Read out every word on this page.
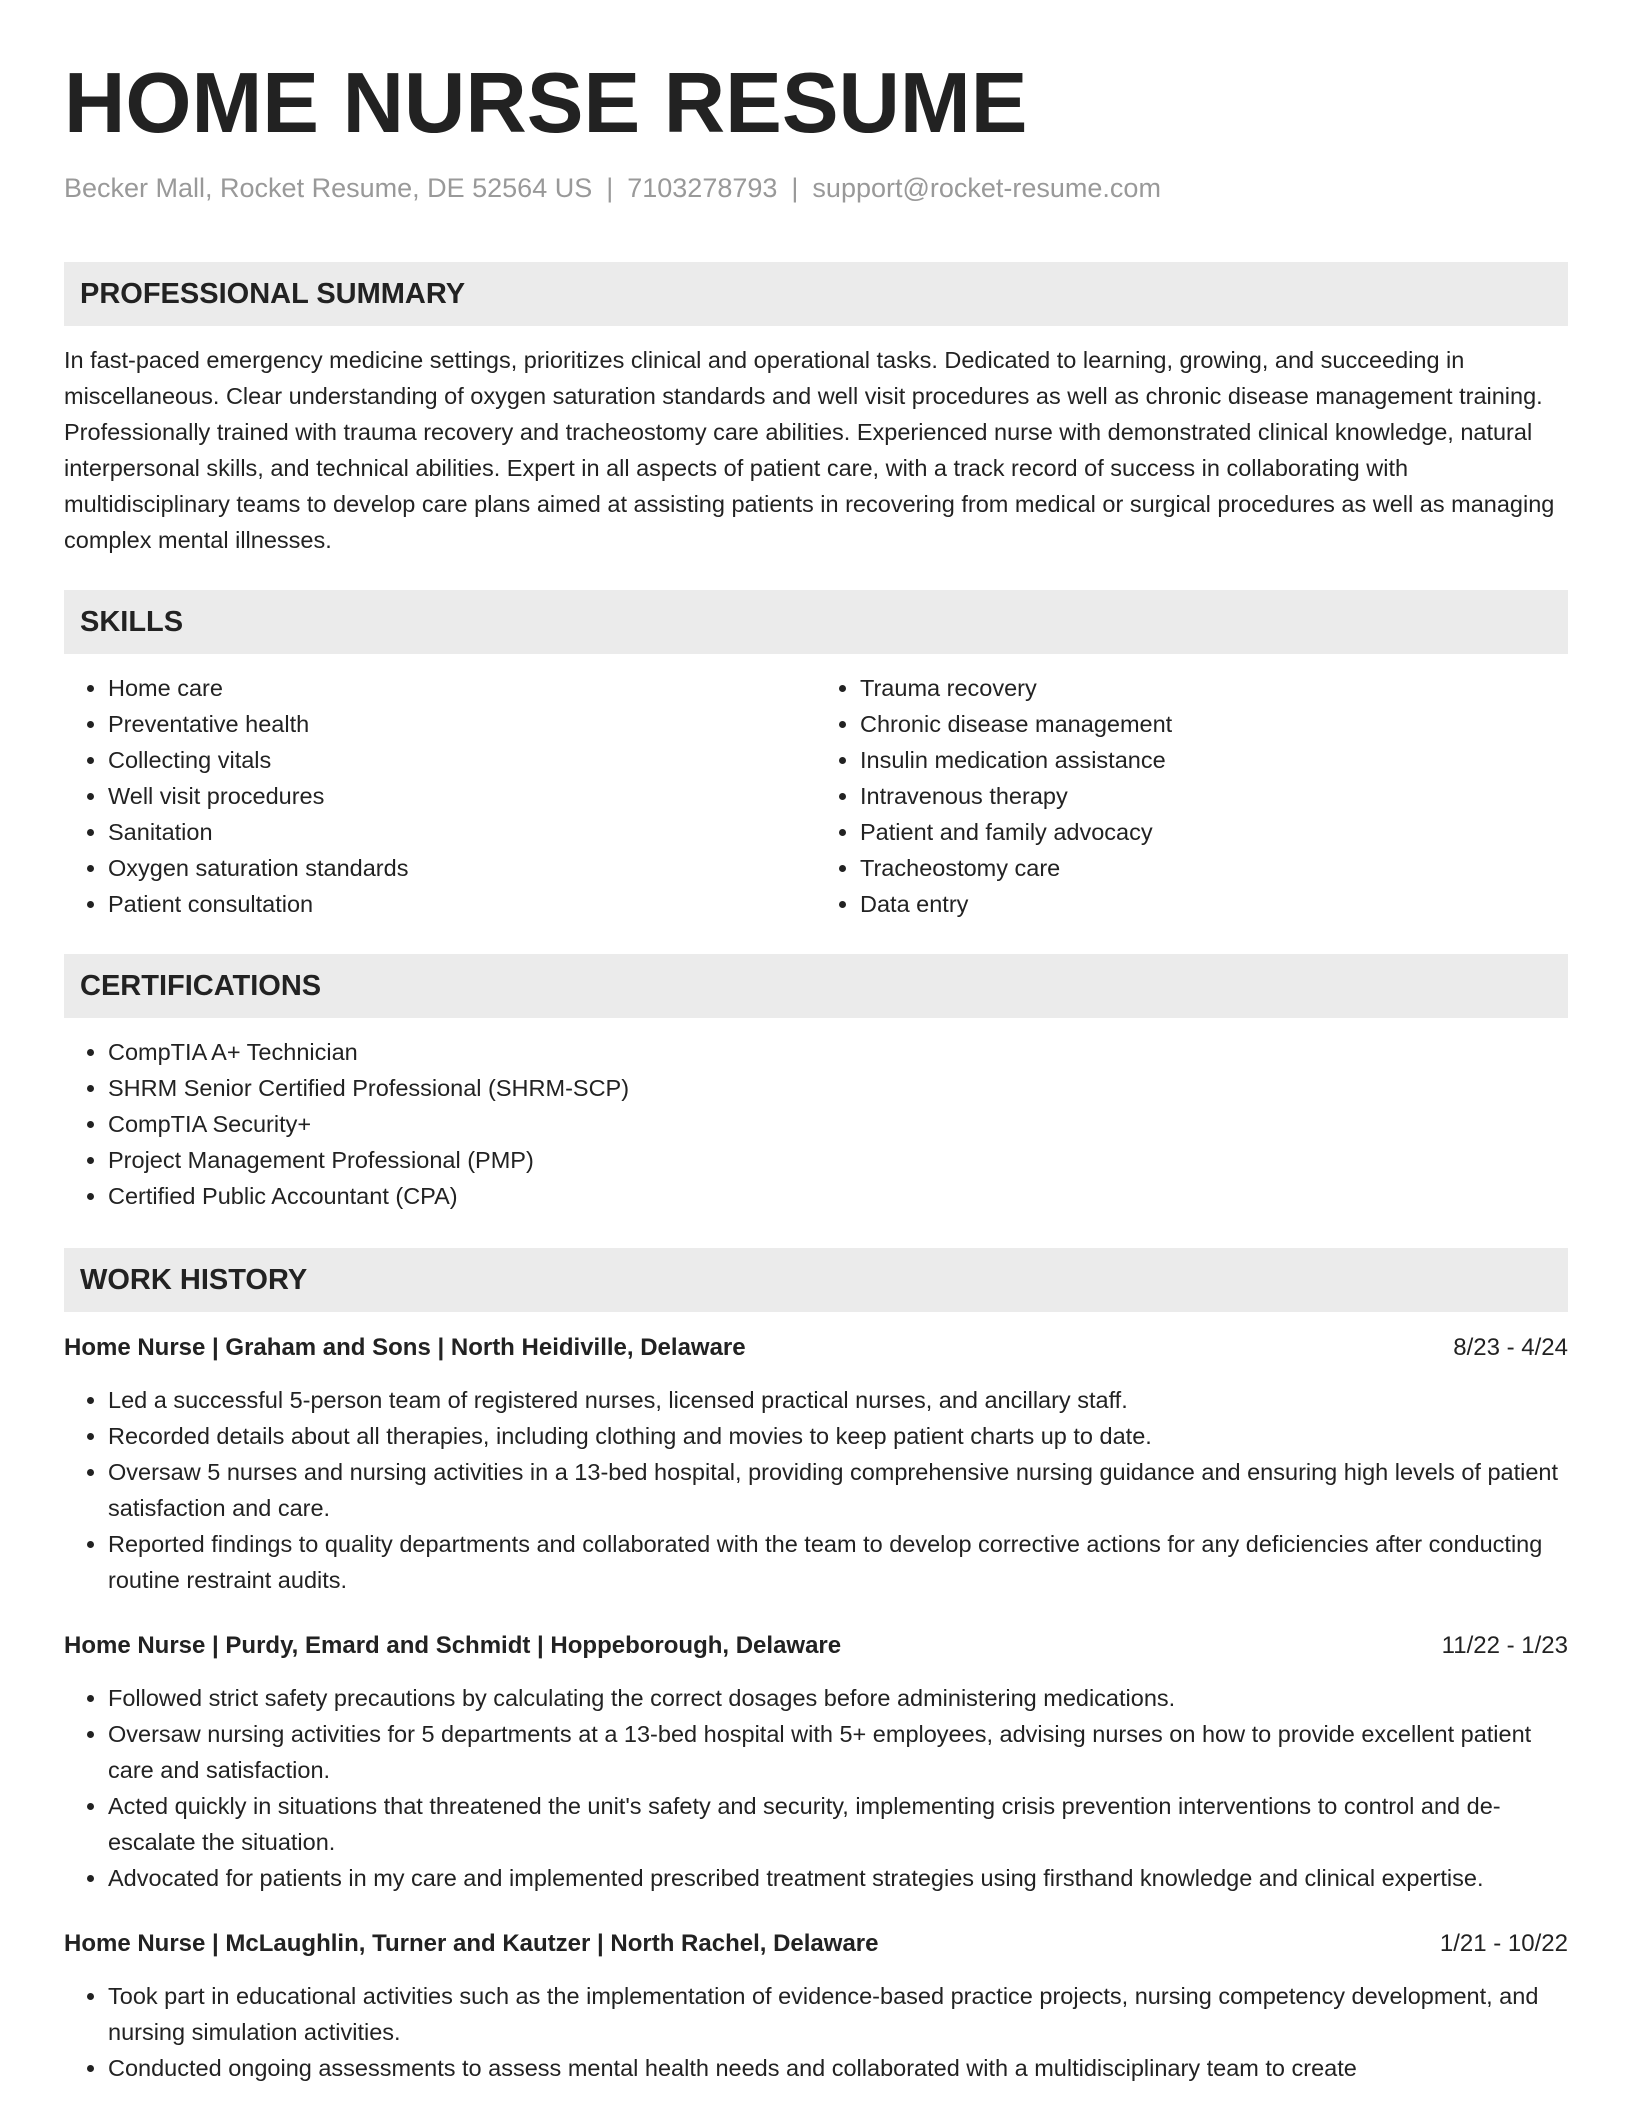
HOME NURSE RESUME
Becker Mall, Rocket Resume, DE 52564 US | 7103278793 | support@rocket-resume.com
PROFESSIONAL SUMMARY

In fast-paced emergency medicine settings, prioritizes clinical and operational tasks. Dedicated to learning, growing, and succeeding in miscellaneous. Clear understanding of oxygen saturation standards and well visit procedures as well as chronic disease management training. Professionally trained with trauma recovery and tracheostomy care abilities. Experienced nurse with demonstrated clinical knowledge, natural interpersonal skills, and technical abilities. Expert in all aspects of patient care, with a track record of success in collaborating with multidisciplinary teams to develop care plans aimed at assisting patients in recovering from medical or surgical procedures as well as managing complex mental illnesses.

SKILLS
• Home care
• Preventative health
• Collecting vitals
• Well visit procedures
• Sanitation
• Oxygen saturation standards
• Patient consultation
• Trauma recovery
• Chronic disease management
• Insulin medication assistance
• Intravenous therapy
• Patient and family advocacy
• Tracheostomy care
• Data entry
CERTIFICATIONS
• CompTIA A+ Technician
• SHRM Senior Certified Professional (SHRM-SCP)
• CompTIA Security+
• Project Management Professional (PMP)
• Certified Public Accountant (CPA)
WORK HISTORY
Home Nurse | Graham and Sons | North Heidiville, Delaware	8/23 - 4/24
• Led a successful 5-person team of registered nurses, licensed practical nurses, and ancillary staff.
• Recorded details about all therapies, including clothing and movies to keep patient charts up to date.
• Oversaw 5 nurses and nursing activities in a 13-bed hospital, providing comprehensive nursing guidance and ensuring high levels of patient satisfaction and care.
• Reported findings to quality departments and collaborated with the team to develop corrective actions for any deficiencies after conducting routine restraint audits.
Home Nurse | Purdy, Emard and Schmidt | Hoppeborough, Delaware	11/22 - 1/23
• Followed strict safety precautions by calculating the correct dosages before administering medications.
• Oversaw nursing activities for 5 departments at a 13-bed hospital with 5+ employees, advising nurses on how to provide excellent patient care and satisfaction.
• Acted quickly in situations that threatened the unit's safety and security, implementing crisis prevention interventions to control and de-escalate the situation.
• Advocated for patients in my care and implemented prescribed treatment strategies using firsthand knowledge and clinical expertise.
Home Nurse | McLaughlin, Turner and Kautzer | North Rachel, Delaware	1/21 - 10/22
• Took part in educational activities such as the implementation of evidence-based practice projects, nursing competency development, and nursing simulation activities.
• Conducted ongoing assessments to assess mental health needs and collaborated with a multidisciplinary team to create
